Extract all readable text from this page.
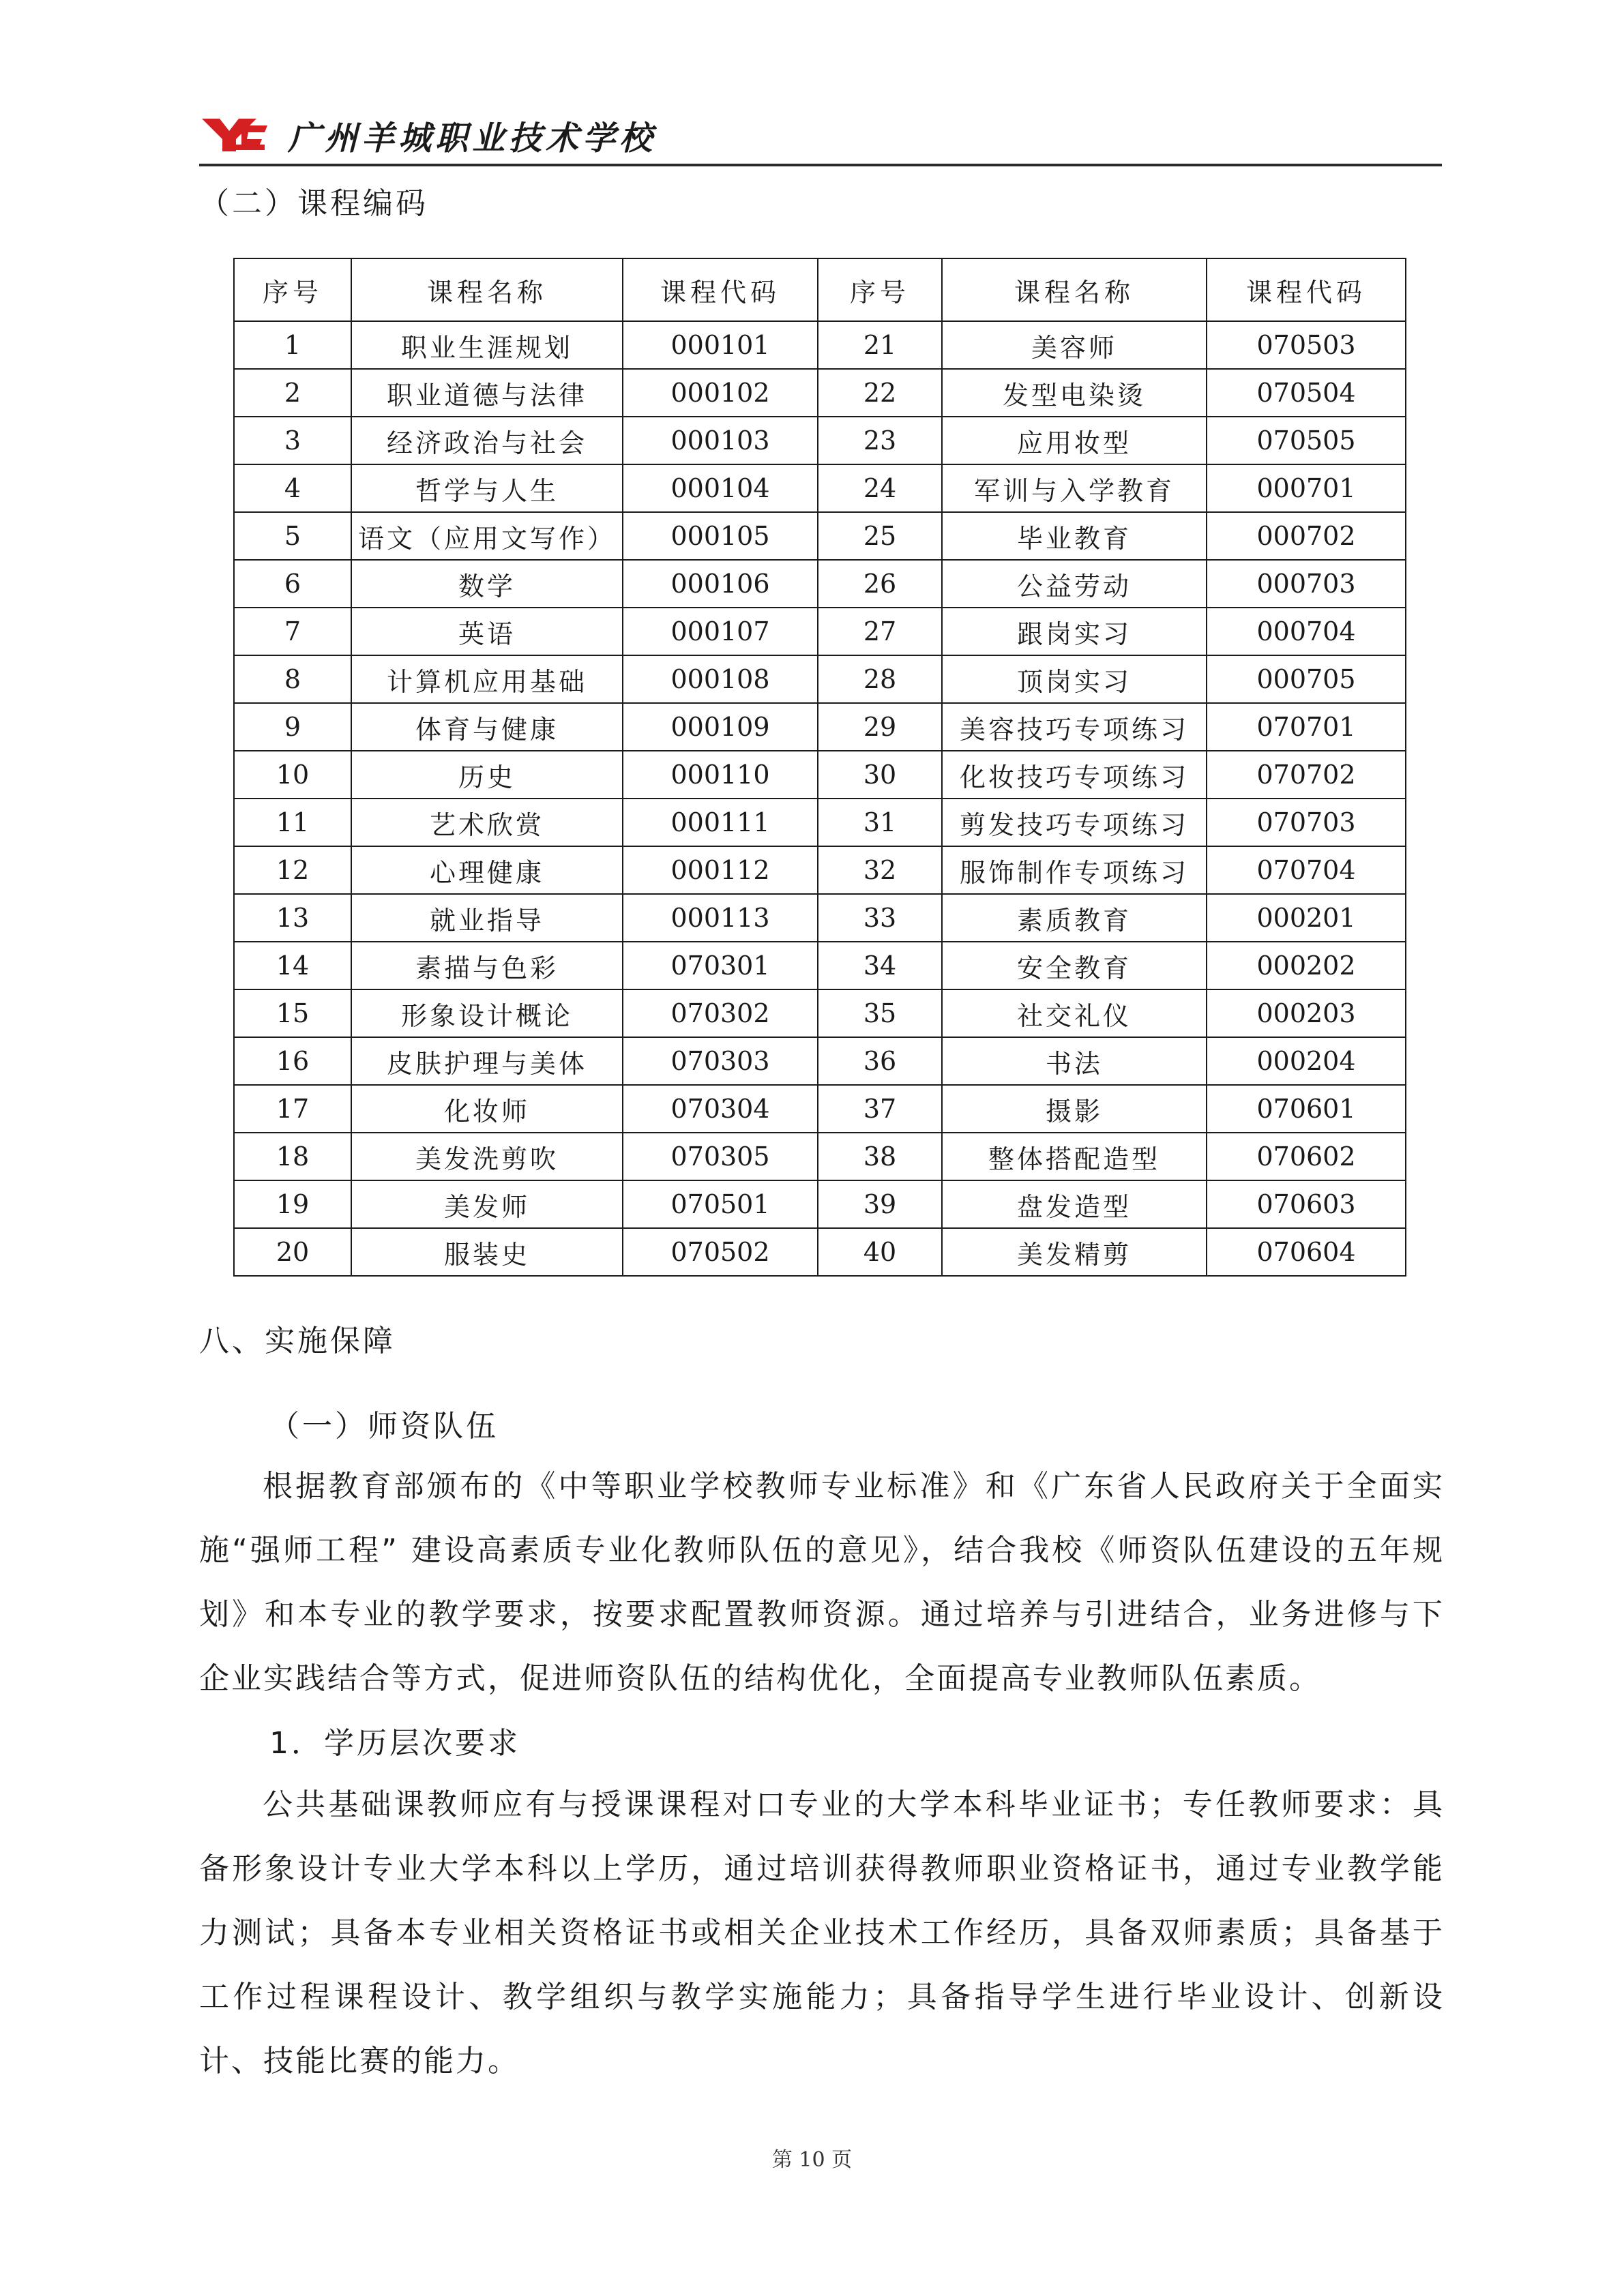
广州羊城职业技术学校
（二）课程编码
序号	课程名称	课程代码	序号	课程名称	课程代码
1	职业生涯规划	000101	21	美容师	070503
2	职业道德与法律	000102	22	发型电染烫	070504
3	经济政治与社会	000103	23	应用妆型	070505
4	哲学与人生	000104	24	军训与入学教育	000701
5	语文（应用文写作）	000105	25	毕业教育	000702
6	数学	000106	26	公益劳动	000703
7	英语	000107	27	跟岗实习	000704
8	计算机应用基础	000108	28	顶岗实习	000705
9	体育与健康	000109	29	美容技巧专项练习	070701
10	历史	000110	30	化妆技巧专项练习	070702
11	艺术欣赏	000111	31	剪发技巧专项练习	070703
12	心理健康	000112	32	服饰制作专项练习	070704
13	就业指导	000113	33	素质教育	000201
14	素描与色彩	070301	34	安全教育	000202
15	形象设计概论	070302	35	社交礼仪	000203
16	皮肤护理与美体	070303	36	书法	000204
17	化妆师	070304	37	摄影	070601
18	美发洗剪吹	070305	38	整体搭配造型	070602
19	美发师	070501	39	盘发造型	070603
20	服装史	070502	40	美发精剪	070604
八、实施保障
（一）师资队伍

根据教育部颁布的《中等职业学校教师专业标准》和《广东省人民政府关于全面实施“强师工程” 建设高素质专业化教师队伍的意见》，结合我校《师资队伍建设的五年规划》和本专业的教学要求，按要求配置教师资源。通过培养与引进结合，业务进修与下企业实践结合等方式，促进师资队伍的结构优化，全面提高专业教师队伍素质。

1．学历层次要求

公共基础课教师应有与授课课程对口专业的大学本科毕业证书；专任教师要求：具备形象设计专业大学本科以上学历，通过培训获得教师职业资格证书，通过专业教学能力测试；具备本专业相关资格证书或相关企业技术工作经历，具备双师素质；具备基于工作过程课程设计、教学组织与教学实施能力；具备指导学生进行毕业设计、创新设计、技能比赛的能力。

第 10 页
